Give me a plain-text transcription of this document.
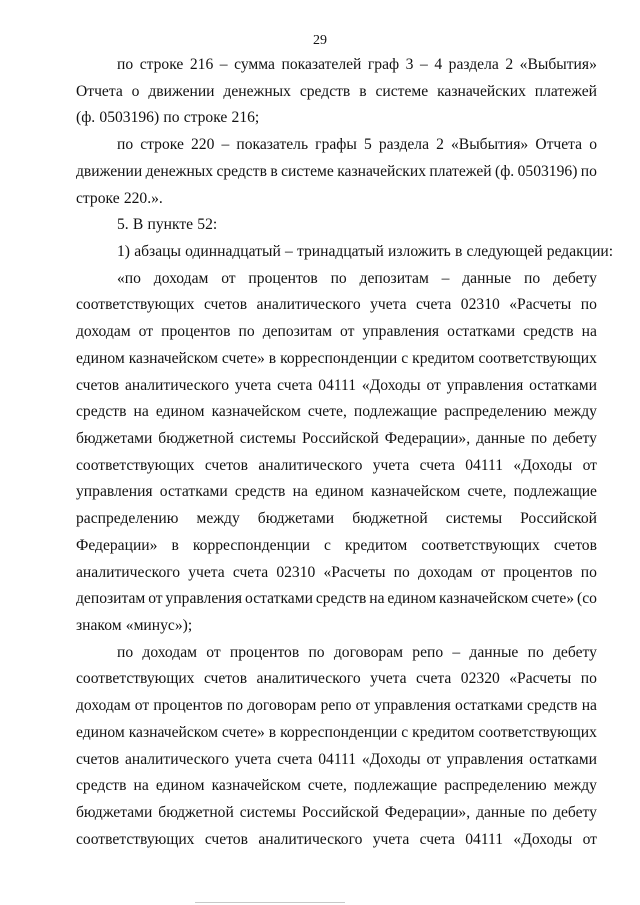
29
по строке 216 – сумма показателей граф 3 – 4 раздела 2 «Выбытия»
Отчета о движении денежных средств в системе казначейских платежей
(ф. 0503196) по строке 216;
по строке 220 – показатель графы 5 раздела 2 «Выбытия» Отчета о
движении денежных средств в системе казначейских платежей (ф. 0503196) по
строке 220.».
5. В пункте 52:
1) абзацы одиннадцатый – тринадцатый изложить в следующей редакции:
«по доходам от процентов по депозитам – данные по дебету
соответствующих счетов аналитического учета счета 02310 «Расчеты по
доходам от процентов по депозитам от управления остатками средств на
едином казначейском счете» в корреспонденции с кредитом соответствующих
счетов аналитического учета счета 04111 «Доходы от управления остатками
средств на едином казначейском счете, подлежащие распределению между
бюджетами бюджетной системы Российской Федерации», данные по дебету
соответствующих счетов аналитического учета счета 04111 «Доходы от
управления остатками средств на едином казначейском счете, подлежащие
распределению между бюджетами бюджетной системы Российской
Федерации» в корреспонденции с кредитом соответствующих счетов
аналитического учета счета 02310 «Расчеты по доходам от процентов по
депозитам от управления остатками средств на едином казначейском счете» (со
знаком «минус»);
по доходам от процентов по договорам репо – данные по дебету
соответствующих счетов аналитического учета счета 02320 «Расчеты по
доходам от процентов по договорам репо от управления остатками средств на
едином казначейском счете» в корреспонденции с кредитом соответствующих
счетов аналитического учета счета 04111 «Доходы от управления остатками
средств на едином казначейском счете, подлежащие распределению между
бюджетами бюджетной системы Российской Федерации», данные по дебету
соответствующих счетов аналитического учета счета 04111 «Доходы от
